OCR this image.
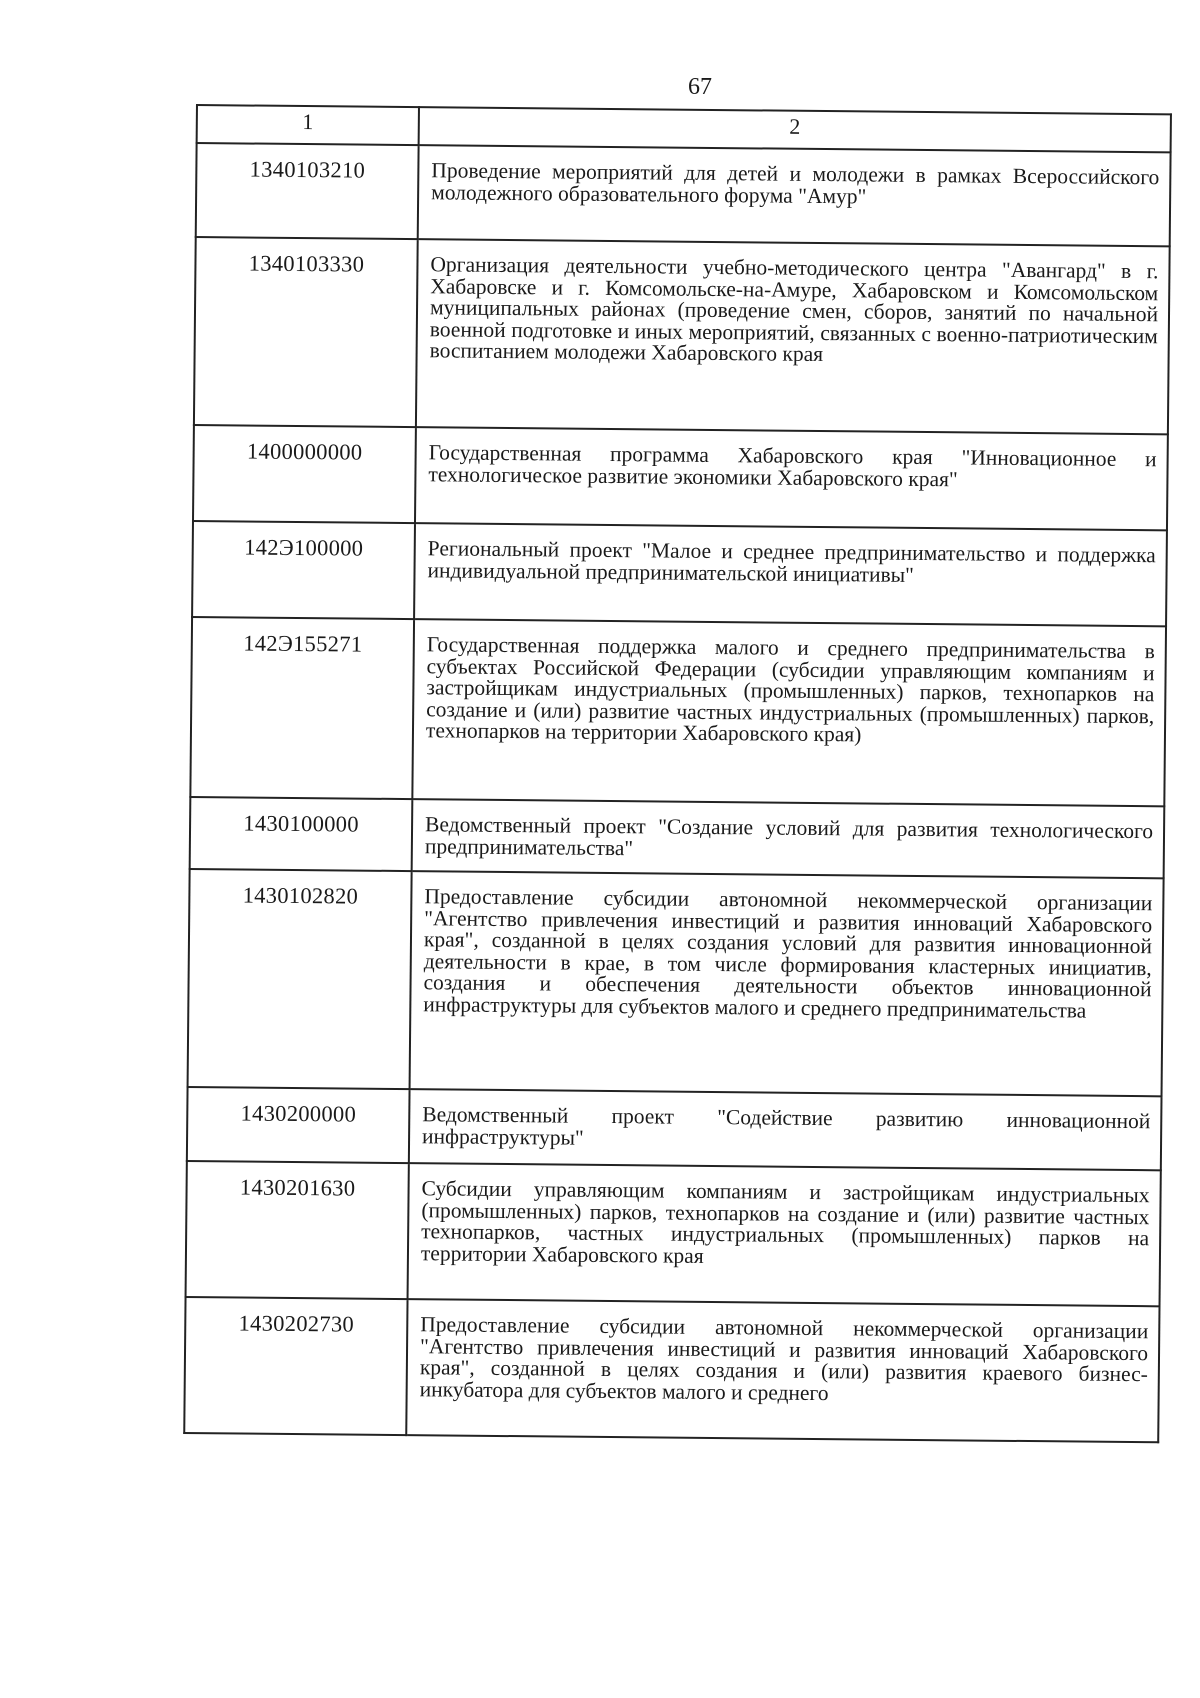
67
1	2
1340103210	Проведение мероприятий для детей и молодежи в рамках Всероссийского молодежного образовательного форума "Амур"
1340103330	Организация деятельности учебно-методического центра "Авангард" в г. Хабаровске и г. Комсомольске-на-Амуре, Хабаровском и Комсомольском муниципальных районах (проведение смен, сборов, занятий по начальной военной подготовке и иных мероприятий, связанных с военно-патриотическим воспитанием молодежи Хабаровского края
1400000000	Государственная программа Хабаровского края "Инновационное и технологическое развитие экономики Хабаровского края"
142Э100000	Региональный проект "Малое и среднее предпринимательство и поддержка индивидуальной предпринимательской инициативы"
142Э155271	Государственная поддержка малого и среднего предпринимательства в субъектах Российской Федерации (субсидии управляющим компаниям и застройщикам индустриальных (промышленных) парков, технопарков на создание и (или) развитие частных индустриальных (промышленных) парков, технопарков на территории Хабаровского края)
1430100000	Ведомственный проект "Создание условий для развития технологического предпринимательства"
1430102820	Предоставление субсидии автономной некоммерческой организации "Агентство привлечения инвестиций и развития инноваций Хабаровского края", созданной в целях создания условий для развития инновационной деятельности в крае, в том числе формирования кластерных инициатив, создания и обеспечения деятельности объектов инновационной инфраструктуры для субъектов малого и среднего предпринимательства
1430200000	Ведомственный проект "Содействие развитию инновационной инфраструктуры"
1430201630	Субсидии управляющим компаниям и застройщикам индустриальных (промышленных) парков, технопарков на создание и (или) развитие частных технопарков, частных индустриальных (промышленных) парков на территории Хабаровского края
1430202730	Предоставление субсидии автономной некоммерческой организации "Агентство привлечения инвестиций и развития инноваций Хабаровского края", созданной в целях создания и (или) развития краевого бизнес-инкубатора для субъектов малого и среднего
